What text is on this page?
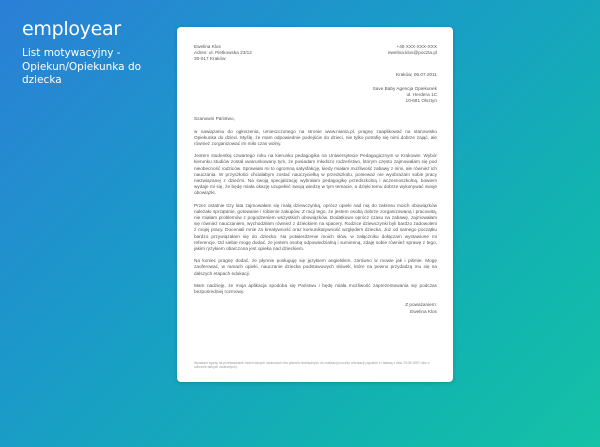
employear
List motywacyjny - Opiekun/Opiekunka do dziecka
Ewelina Klos
Adres: ul. Pietkowska 23/12
30-017 Kraków
+48 XXX-XXX-XXX
ewelina.klos@poczta.pl
Kraków, 06.07.2011
Save Baby Agencja Opiekunek
ul. Herdera 1C
10-681 Olsztyn
Szanowni Państwo,

w nawiązaniu do ogłoszenia, umieszczonego na stronie www.niania.pl, pragnę zaaplikować na stanowisko Opiekunka do dzieci. Myślę, że mam odpowiednie podejście do dzieci, nie tylko potrafię się nimi dobrze zająć, ale również zorganizować im miło czas wolny.

Jestem studentką czwartego roku na kierunku pedagogika na Uniwersytecie Pedagogicznym w Krakowie. Wybór kierunku studiów został uwarunkowany tym, że posiadam młodszo rodzeństwo, którym często zajmowałam się pod nieobecność rodziców. Sprawiało mi to ogromną satysfakcję, kiedy miałam możliwość zabawy z nimi, ale również ich nauczania. W przyszłości chciałabym zostać nauczycielką w przedszkolu, ponieważ nie wyobrażam sobie pracy niezwiązanej z dziećmi. Na swoją specjalizację wybrałam pedagogikę przedszkolną i wczesnoszkolną, bowiem wydaje mi się, że będę miała okazję uzupełnić swoją wiedzę w tym temacie, a dzięki temu dobrze wykonywać swoje obowiązki.

Przez ostatnie trzy lata zajmowałam się małą dziewczynką, oprócz opieki nad nią do zakresu moich obowiązków należało sprzątanie, gotowanie i robienie zakupów. Z racji tego, że jestem osobą dobrze zorganizowaną i pracowitą, nie miałam problemów z pogodzeniem wszystkich obowiązków. Dodatkowo oprócz czasu na zabawę, zajmowałam się również nauczaniem, wychodziłam również z dzieckiem na spacery. Rodzice dziewczynki byli bardzo zadowoleni z mojej pracy. Doceniali mnie za kreatywność oraz komunikatywność względem dziecka. Już od samego początku bardzo przywiązałam się do dziecka. Na potwierdzenie moich słów, w załączniku dołączam wystawione mi referencje. Od siebie mogę dodać, że jestem osobą odpowiedzialną i sumienną, zdaję sobie również sprawę z tego, jakim ryzykiem obarczona jest opieka nad dzieckiem.

Na koniec pragnę dodać, że płynnie posługuję się językiem angielskim, zarówno w mowie jak i piśmie. Mogę zaoferować, w ramach opieki, nauczanie dziecka podstawowych słówek, które na pewno przydadzą mu się na dalszych etapach edukacji.

Mam nadzieję, że moja aplikacja spodoba się Państwu i będę miała możliwość zaprezentowania się podczas bezpośredniej rozmowy.

Z poważaniem:
Ewelina Klos
Wyrażam zgodę na przetwarzanie moich danych osobowych dla potrzeb niezbędnych do realizacji procesu rekrutacji (zgodnie z Ustawą z dnia 29.08.1997 roku o ochronie danych osobowych).
